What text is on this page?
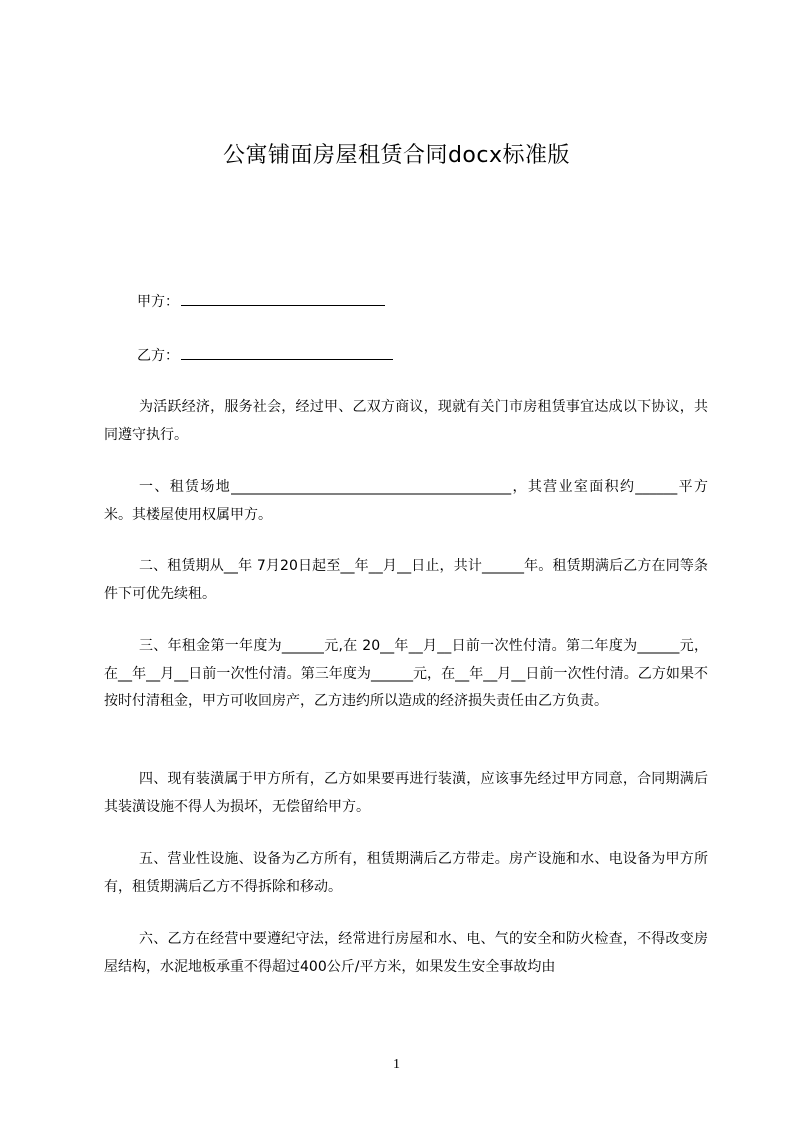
公寓铺面房屋租赁合同docx标准版
甲方：
乙方：
为活跃经济，服务社会，经过甲、乙双方商议，现就有关门市房租赁事宜达成以下协议，共同遵守执行。
一、租赁场地________________________________________，其营业室面积约______平方米。其楼屋使用权属甲方。
二、租赁期从__年 7月20日起至__年__月__日止，共计______年。租赁期满后乙方在同等条件下可优先续租。
三、年租金第一年度为______元,在 20__年__月__日前一次性付清。第二年度为______元，在__年__月__日前一次性付清。第三年度为______元，在__年__月__日前一次性付清。乙方如果不按时付清租金，甲方可收回房产，乙方违约所以造成的经济损失责任由乙方负责。
四、现有装潢属于甲方所有，乙方如果要再进行装潢，应该事先经过甲方同意，合同期满后其装潢设施不得人为损坏，无偿留给甲方。
五、营业性设施、设备为乙方所有，租赁期满后乙方带走。房产设施和水、电设备为甲方所有，租赁期满后乙方不得拆除和移动。
六、乙方在经营中要遵纪守法，经常进行房屋和水、电、气的安全和防火检查，不得改变房屋结构，水泥地板承重不得超过400公斤/平方米，如果发生安全事故均由
1
